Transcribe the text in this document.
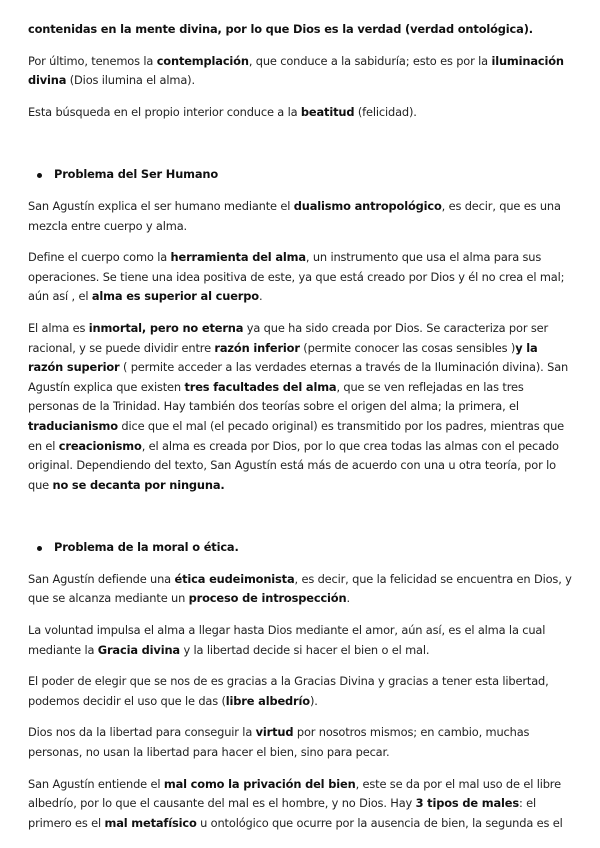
contenidas en la mente divina, por lo que Dios es la verdad (verdad ontológica).

Por último, tenemos la contemplación, que conduce a la sabiduría; esto es por la iluminación divina (Dios ilumina el alma).

Esta búsqueda en el propio interior conduce a la beatitud (felicidad).

Problema del Ser Humano

San Agustín explica el ser humano mediante el dualismo antropológico, es decir, que es una mezcla entre cuerpo y alma.

Define el cuerpo como la herramienta del alma, un instrumento que usa el alma para sus operaciones. Se tiene una idea positiva de este, ya que está creado por Dios y él no crea el mal; aún así , el alma es superior al cuerpo.

El alma es inmortal, pero no eterna ya que ha sido creada por Dios. Se caracteriza por ser racional, y se puede dividir entre razón inferior (permite conocer las cosas sensibles )y la razón superior ( permite acceder a las verdades eternas a través de la Iluminación divina). San Agustín explica que existen tres facultades del alma, que se ven reflejadas en las tres personas de la Trinidad. Hay también dos teorías sobre el origen del alma; la primera, el traducianismo dice que el mal (el pecado original) es transmitido por los padres, mientras que en el creacionismo, el alma es creada por Dios, por lo que crea todas las almas con el pecado original. Dependiendo del texto, San Agustín está más de acuerdo con una u otra teoría, por lo que no se decanta por ninguna.

Problema de la moral o ética.

San Agustín defiende una ética eudeimonista, es decir, que la felicidad se encuentra en Dios, y que se alcanza mediante un proceso de introspección.

La voluntad impulsa el alma a llegar hasta Dios mediante el amor, aún así, es el alma la cual mediante la Gracia divina y la libertad decide si hacer el bien o el mal.

El poder de elegir que se nos de es gracias a la Gracias Divina y gracias a tener esta libertad, podemos decidir el uso que le das (libre albedrío).

Dios nos da la libertad para conseguir la virtud por nosotros mismos; en cambio, muchas personas, no usan la libertad para hacer el bien, sino para pecar.

San Agustín entiende el mal como la privación del bien, este se da por el mal uso de el libre albedrío, por lo que el causante del mal es el hombre, y no Dios. Hay 3 tipos de males: el primero es el mal metafísico u ontológico que ocurre por la ausencia de bien, la segunda es el
